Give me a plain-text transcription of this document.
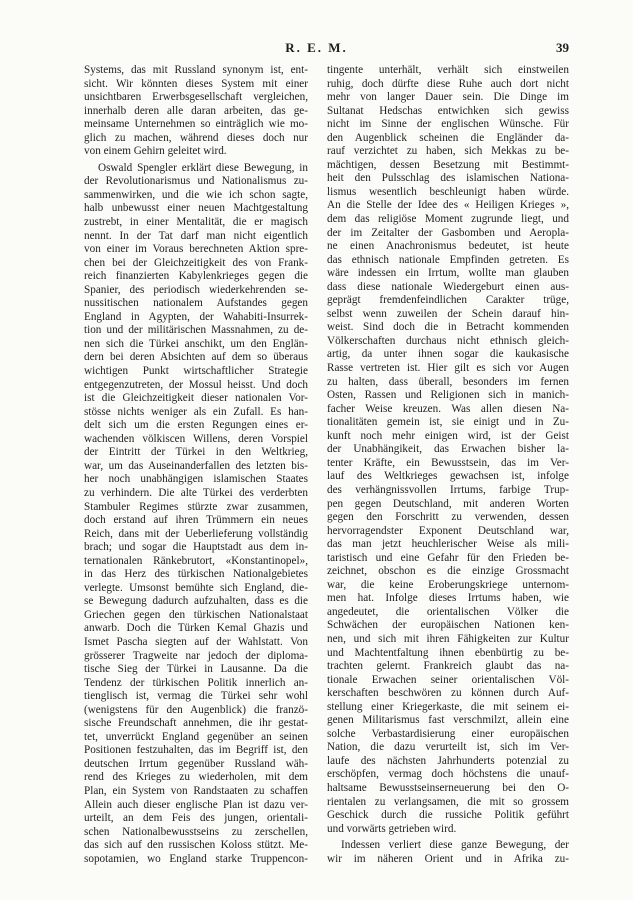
R. E. M.	39
Systems, das mit Russland synonym ist, ent-
sicht. Wir könnten dieses System mit einer
unsichtbaren Erwerbsgesellschaft vergleichen,
innerhalb deren alle daran arbeiten, das ge-
meinsame Unternehmen so einträglich wie mo-
glich zu machen, während dieses doch nur
von einem Gehirn geleitet wird.
Oswald Spengler erklärt diese Bewegung, in
der Revolutionarismus und Nationalismus zu-
sammenwirken, und die wie ich schon sagte,
halb unbewusst einer neuen Machtgestaltung
zustrebt, in einer Mentalität, die er magisch
nennt. In der Tat darf man nicht eigentlich
von einer im Voraus berechneten Aktion spre-
chen bei der Gleichzeitigkeit des von Frank-
reich finanzierten Kabylenkrieges gegen die
Spanier, des periodisch wiederkehrenden se-
nussitischen nationalem Aufstandes gegen
England in Agypten, der Wahabiti-Insurrek-
tion und der militärischen Massnahmen, zu de-
nen sich die Türkei anschikt, um den Englän-
dern bei deren Absichten auf dem so überaus
wichtigen Punkt wirtschaftlicher Strategie
entgegenzutreten, der Mossul heisst. Und doch
ist die Gleichzeitigkeit dieser nationalen Vor-
stösse nichts weniger als ein Zufall. Es han-
delt sich um die ersten Regungen eines er-
wachenden völkiscen Willens, deren Vorspiel
der Eintritt der Türkei in den Weltkrieg,
war, um das Auseinanderfallen des letzten bis-
her noch unabhängigen islamischen Staates
zu verhindern. Die alte Türkei des verderbten
Stambuler Regimes stürzte zwar zusammen,
doch erstand auf ihren Trümmern ein neues
Reich, dans mit der Ueberlieferung vollständig
brach; und sogar die Hauptstadt aus dem in-
ternationalen Ränkebrutort, «Konstantinopel»,
in das Herz des türkischen Nationalgebietes
verlegte. Umsonst bemühte sich England, die-
se Bewegung dadurch aufzuhalten, dass es die
Griechen gegen den türkischen Nationalstaat
anwarb. Doch die Türken Kemal Ghazis und
Ismet Pascha siegten auf der Wahlstatt. Von
grösserer Tragweite nar jedoch der diploma-
tische Sieg der Türkei in Lausanne. Da die
Tendenz der türkischen Politik innerlich an-
tienglisch ist, vermag die Türkei sehr wohl
(wenigstens für den Augenblick) die franzö-
sische Freundschaft annehmen, die ihr gestat-
tet, unverrückt England gegenüber an seinen
Positionen festzuhalten, das im Begriff ist, den
deutschen Irrtum gegenüber Russland wäh-
rend des Krieges zu wiederholen, mit dem
Plan, ein System von Randstaaten zu schaffen
Allein auch dieser englische Plan ist dazu ver-
urteilt, an dem Feis des jungen, orientali-
schen Nationalbewusstseins zu zerschellen,
das sich auf den russischen Koloss stützt. Me-
sopotamien, wo England starke Truppencon-
tingente unterhält, verhält sich einstweilen
ruhig, doch dürfte diese Ruhe auch dort nicht
mehr von langer Dauer sein. Die Dinge im
Sultanat Hedschas entwichken sich gewiss
nicht im Sinne der englischen Wünsche. Für
den Augenblick scheinen die Engländer da-
rauf verzichtet zu haben, sich Mekkas zu be-
mächtigen, dessen Besetzung mit Bestimmt-
heit den Pulsschlag des islamischen Nationa-
lismus wesentlich beschleunigt haben würde.
An die Stelle der Idee des « Heiligen Krieges »,
dem das religiöse Moment zugrunde liegt, und
der im Zeitalter der Gasbomben und Aeropla-
ne einen Anachronismus bedeutet, ist heute
das ethnisch nationale Empfinden getreten. Es
wäre indessen ein Irrtum, wollte man glauben
dass diese nationale Wiedergeburt einen aus-
geprägt fremdenfeindlichen Carakter trüge,
selbst wenn zuweilen der Schein darauf hin-
weist. Sind doch die in Betracht kommenden
Völkerschaften durchaus nicht ethnisch gleich-
artig, da unter ihnen sogar die kaukasische
Rasse vertreten ist. Hier gilt es sich vor Augen
zu halten, dass überall, besonders im fernen
Osten, Rassen und Religionen sich in manich-
facher Weise kreuzen. Was allen diesen Na-
tionalitäten gemein ist, sie einigt und in Zu-
kunft noch mehr einigen wird, ist der Geist
der Unabhängikeit, das Erwachen bisher la-
tenter Kräfte, ein Bewusstsein, das im Ver-
lauf des Weltkrieges gewachsen ist, infolge
des verhängnissvollen Irrtums, farbige Trup-
pen gegen Deutschland, mit anderen Worten
gegen den Forschritt zu verwenden, dessen
hervorragendster Exponent Deutschland war,
das man jetzt heuchlerischer Weise als mili-
taristisch und eine Gefahr für den Frieden be-
zeichnet, obschon es die einzige Grossmacht
war, die keine Eroberungskriege unternom-
men hat. Infolge dieses Irrtums haben, wie
angedeutet, die orientalischen Völker die
Schwächen der europäischen Nationen ken-
nen, und sich mit ihren Fähigkeiten zur Kultur
und Machtentfaltung ihnen ebenbürtig zu be-
trachten gelernt. Frankreich glaubt das na-
tionale Erwachen seiner orientalischen Völ-
kerschaften beschwören zu können durch Auf-
stellung einer Kriegerkaste, die mit seinem ei-
genen Militarismus fast verschmilzt, allein eine
solche Verbastardisierung einer europäischen
Nation, die dazu verurteilt ist, sich im Ver-
laufe des nächsten Jahrhunderts potenzial zu
erschöpfen, vermag doch höchstens die unauf-
haltsame Bewusstseinserneuerung bei den O-
rientalen zu verlangsamen, die mit so grossem
Geschick durch die russiche Politik geführt
und vorwärts getrieben wird.
Indessen verliert diese ganze Bewegung, der
wir im näheren Orient und in Afrika zu-
